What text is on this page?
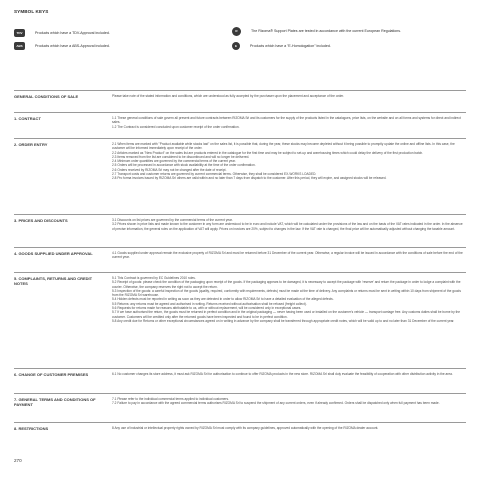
SYMBOL KEYS
TDV	Products which have a TDV-Approval included.
ABS	Products which have a ABS-Approval included.
R	The Rizoma® Support Plates are tested in accordance with the current European Regulations.
E	Products which have a "E-Homologation" included.
GENERAL CONDITIONS OF SALE	Please take note of the stated information and conditions, which are understood as fully accepted by the purchaser upon the placement and acceptance of the order.

1. CONTRACT	1.1 These general conditions of sale govern all present and future contracts between RIZOMA Srl and its customers for the supply of the products listed in the catalogues, price lists, on the website and on all forms and systems for direct and indirect sales.

1.2 The Contract is considered concluded upon customer receipt of the order confirmation.

2. ORDER ENTRY	2.1 When items are marked with "Product available while stocks last" on the sales list, it is possible that, during the year, these stocks may become depleted without it being possible to promptly update the online and offline lists. In this case, the customer will be informed immediately upon receipt of the order.

2.2 Articles marked as "New Product" on the sales list are products entered in the catalogue for the first time and may be subject to set-up and warehousing times which could delay the delivery of the first production batch.

2.3 Items removed from the list are considered to be discontinued and will no longer be delivered.

2.4 Minimum order quantities are governed by the commercial terms of the current year.

2.5 Orders will be processed in accordance with stock availability at the time of the order confirmation.

2.6 Orders received by RIZOMA Srl may not be changed after the date of receipt.

2.7 Transport costs and customer returns are governed by current commercial terms. Otherwise, they shall be considered EX-WORKS LOADED.

2.8 Pro forma invoices issued by RIZOMA Srl others are valid within and no later than 7 days from dispatch to the customer. After this period, they will expire, and assigned stocks will be released.

3. PRICES AND DISCOUNTS	3.1 Discounts on list prices are governed by the commercial terms of the current year.

3.2 Prices shown in price lists and made known to the customer in any form are understood to be in euro and include VAT, which will be calculated under the provisions of the law and on the basis of the VAT rates indicated in the order. In the absence of precise information, the general rules on the application of VAT will apply. Prices on invoices are 20%, subject to changes in the law. If the VAT rate is changed, the final price will be automatically adjusted without changing the taxable amount.

4. GOODS SUPPLIED UNDER APPROVAL	4.1 Goods supplied under approval remain the exclusive property of RIZOMA Srl and must be returned before 31 December of the current year. Otherwise, a regular invoice will be issued in accordance with the conditions of sale before the end of the current year.

5. COMPLAINTS, RETURNS AND CREDIT NOTES

5.1 This Contract is governed by EC Guidelines 2010 rules.

5.2 Receipt of goods: please check the condition of the packaging upon receipt of the goods. If the packaging appears to be damaged, it is necessary to accept the package with 'reserve' and return the package in order to lodge a complaint with the courier. Otherwise, the company reserves the right not to accept the return.

5.3 Inspection of the goods: a careful inspection of the goods (quality, required, conformity with requirements, defects) must be made at the time of delivery. Any complaints or returns must be sent in writing within 10 days from shipment of the goods from the RIZOMA Srl warehouse.

5.4 Hidden defects must be reported in writing as soon as they are detected in order to allow RIZOMA Srl to have a detailed evaluation of the alleged defects.

5.5 Returns: any returns must be agreed and authorised in writing. Returns received without authorisation shall be refused (freight collect).

5.6 Requests for returns made for reasons attributable to us, with or without replacement, will be considered only in exceptional cases.

5.7 If we have authorised the return, the goods must be returned in perfect condition and in the original packaging — never having been used or installed on the customer's vehicle — transport carriage free. Any customs duties shall be borne by the customer. Customers will be credited only after the returned goods have been inspected and found to be in perfect condition.

5.8 Any credit due for Returns or other exceptional circumstances agreed on in writing in advance by the company shall be transferred through appropriate credit notes, which will be valid up to and no later than 31 December of the current year.

6. CHANGE OF CUSTOMER PREMISES	6.1 No customer changes its store address, it must ask RIZOMA Srl for authorisation to continue to offer RIZOMA products in the new store. RIZOMA Srl shall duly evaluate the feasibility of cooperation with other distribution activity in the area.

7. GENERAL TERMS AND CONDITIONS OF PAYMENT

7.1 Please refer to the individual commercial terms applied to individual customers.

7.2 Failure to pay in accordance with the agreed commercial terms authorises RIZOMA Srl to suspend the shipment of any current orders, even if already confirmed. Orders shall be dispatched only when full payment has been made.

8. RESTRICTIONS	8 Any use of industrial or intellectual property rights owned by RIZOMA Srl must comply with its company guidelines, approved automatically with the opening of the RIZOMA dealer account.

270
